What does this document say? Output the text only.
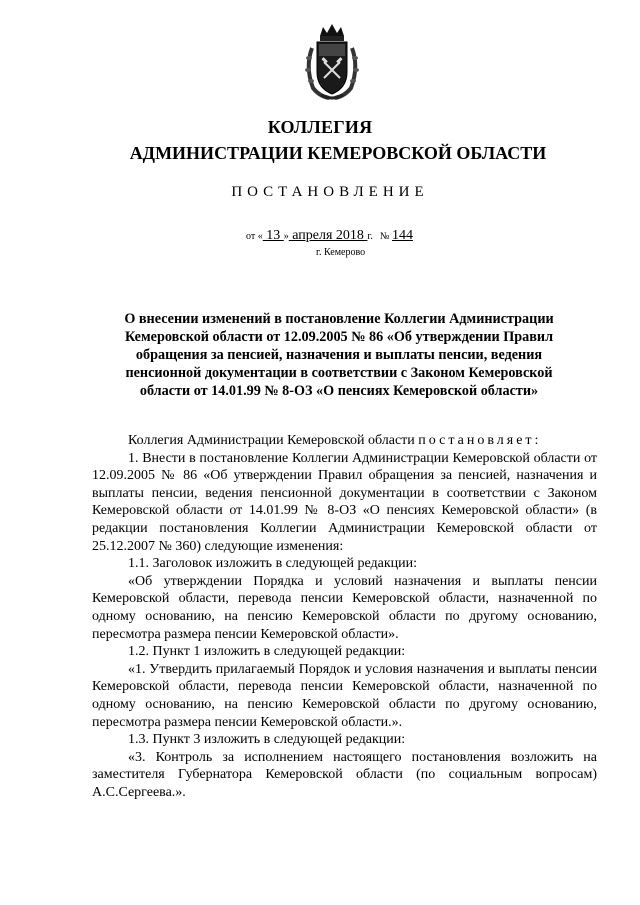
КОЛЛЕГИЯ
АДМИНИСТРАЦИИ КЕМЕРОВСКОЙ ОБЛАСТИ
ПОСТАНОВЛЕНИЕ
от « 13 » апреля 2018 г. № 144
г. Кемерово
О внесении изменений в постановление Коллегии Администрации
Кемеровской области от 12.09.2005 № 86 «Об утверждении Правил
обращения за пенсией, назначения и выплаты пенсии, ведения
пенсионной документации в соответствии с Законом Кемеровской
области от 14.01.99 № 8-ОЗ «О пенсиях Кемеровской области»

Коллегия Администрации Кемеровской области постановляет:

1. Внести в постановление Коллегии Администрации Кемеровской области от 12.09.2005 № 86 «Об утверждении Правил обращения за пенсией, назначения и выплаты пенсии, ведения пенсионной документации в соответствии с Законом Кемеровской области от 14.01.99 № 8-ОЗ «О пенсиях Кемеровской области» (в редакции постановления Коллегии Администрации Кемеровской области от 25.12.2007 № 360) следующие изменения:

1.1. Заголовок изложить в следующей редакции:

«Об утверждении Порядка и условий назначения и выплаты пенсии Кемеровской области, перевода пенсии Кемеровской области, назначенной по одному основанию, на пенсию Кемеровской области по другому основанию, пересмотра размера пенсии Кемеровской области».

1.2. Пункт 1 изложить в следующей редакции:

«1. Утвердить прилагаемый Порядок и условия назначения и выплаты пенсии Кемеровской области, перевода пенсии Кемеровской области, назначенной по одному основанию, на пенсию Кемеровской области по другому основанию, пересмотра размера пенсии Кемеровской области.».

1.3. Пункт 3 изложить в следующей редакции:

«3. Контроль за исполнением настоящего постановления возложить на заместителя Губернатора Кемеровской области (по социальным вопросам) А.С.Сергеева.».
